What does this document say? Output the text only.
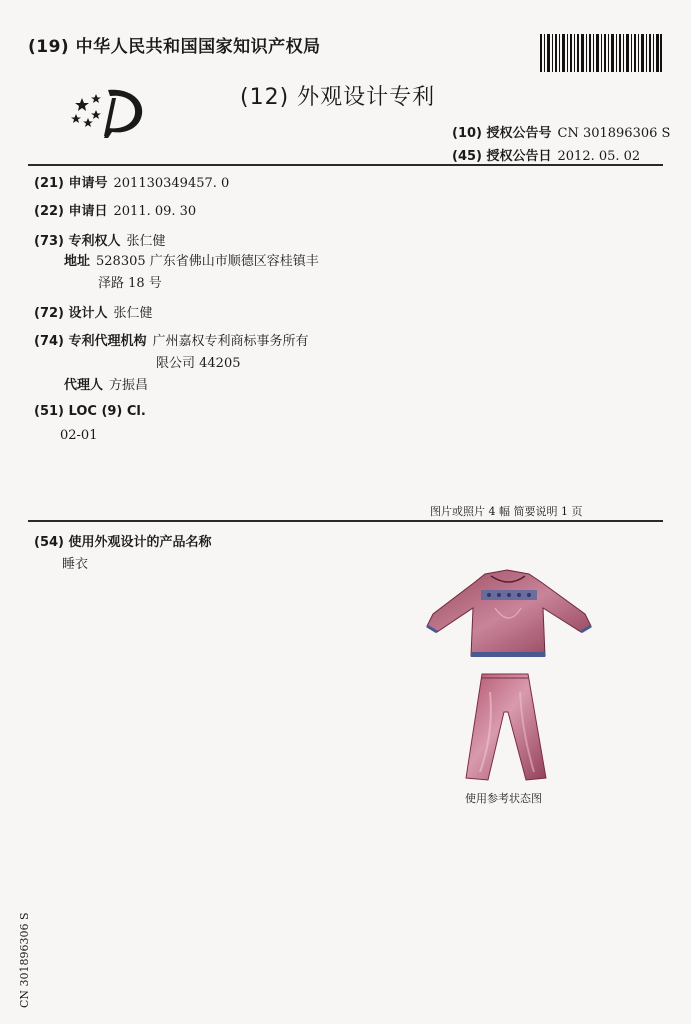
(19) 中华人民共和国国家知识产权局
(12) 外观设计专利
(10) 授权公告号 CN 301896306 S
(45) 授权公告日 2012. 05. 02
(21) 申请号 201130349457. 0
(22) 申请日 2011. 09. 30
(73) 专利权人 张仁健
地址 528305 广东省佛山市顺德区容桂镇丰
泽路 18 号
(72) 设计人 张仁健
(74) 专利代理机构 广州嘉权专利商标事务所有
限公司 44205
代理人 方振昌
(51) LOC (9) Cl.
02-01
图片或照片 4 幅 简要说明 1 页
(54) 使用外观设计的产品名称
睡衣
使用参考状态图
CN 301896306 S
